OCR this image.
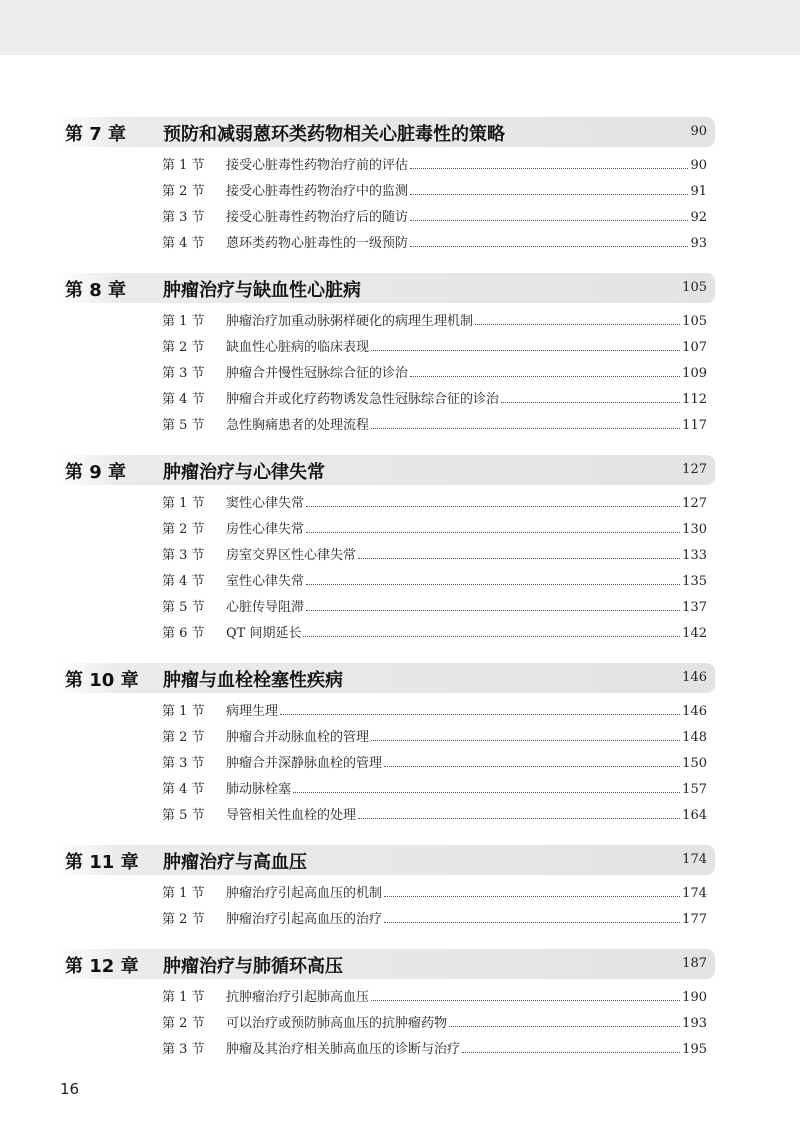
第 7 章 预防和减弱蒽环类药物相关心脏毒性的策略	90
第 1 节	接受心脏毒性药物治疗前的评估	90
第 2 节	接受心脏毒性药物治疗中的监测	91
第 3 节	接受心脏毒性药物治疗后的随访	92
第 4 节	蒽环类药物心脏毒性的一级预防	93
第 8 章 肿瘤治疗与缺血性心脏病	105
第 1 节	肿瘤治疗加重动脉粥样硬化的病理生理机制	105
第 2 节	缺血性心脏病的临床表现	107
第 3 节	肿瘤合并慢性冠脉综合征的诊治	109
第 4 节	肿瘤合并或化疗药物诱发急性冠脉综合征的诊治	112
第 5 节	急性胸痛患者的处理流程	117
第 9 章 肿瘤治疗与心律失常	127
第 1 节	窦性心律失常	127
第 2 节	房性心律失常	130
第 3 节	房室交界区性心律失常	133
第 4 节	室性心律失常	135
第 5 节	心脏传导阻滞	137
第 6 节	QT 间期延长	142
第 10 章 肿瘤与血栓栓塞性疾病	146
第 1 节	病理生理	146
第 2 节	肿瘤合并动脉血栓的管理	148
第 3 节	肿瘤合并深静脉血栓的管理	150
第 4 节	肺动脉栓塞	157
第 5 节	导管相关性血栓的处理	164
第 11 章 肿瘤治疗与高血压	174
第 1 节	肿瘤治疗引起高血压的机制	174
第 2 节	肿瘤治疗引起高血压的治疗	177
第 12 章 肿瘤治疗与肺循环高压	187
第 1 节	抗肿瘤治疗引起肺高血压	190
第 2 节	可以治疗或预防肺高血压的抗肿瘤药物	193
第 3 节	肿瘤及其治疗相关肺高血压的诊断与治疗	195
16
